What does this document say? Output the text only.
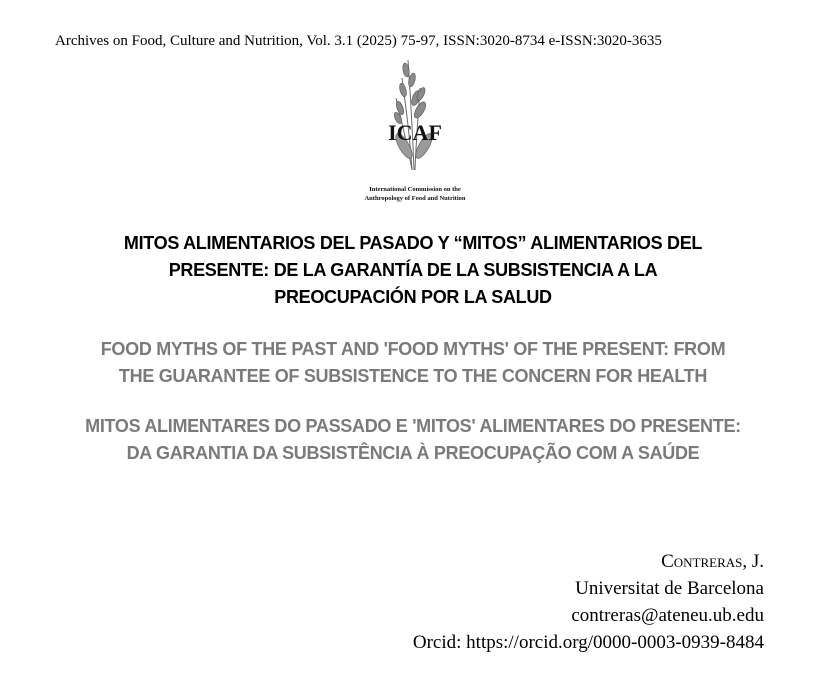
Archives on Food, Culture and Nutrition, Vol. 3.1 (2025) 75-97, ISSN:3020-8734 e-ISSN:3020-3635
ICAF
International Commission on the
Anthropology of Food and Nutrition
MITOS ALIMENTARIOS DEL PASADO Y “MITOS” ALIMENTARIOS DEL
PRESENTE: DE LA GARANTÍA DE LA SUBSISTENCIA A LA
PREOCUPACIÓN POR LA SALUD
FOOD MYTHS OF THE PAST AND 'FOOD MYTHS' OF THE PRESENT: FROM
THE GUARANTEE OF SUBSISTENCE TO THE CONCERN FOR HEALTH
MITOS ALIMENTARES DO PASSADO E 'MITOS' ALIMENTARES DO PRESENTE:
DA GARANTIA DA SUBSISTÊNCIA À PREOCUPAÇÃO COM A SAÚDE
Contreras, J.
Universitat de Barcelona
contreras@ateneu.ub.edu
Orcid: https://orcid.org/0000-0003-0939-8484
